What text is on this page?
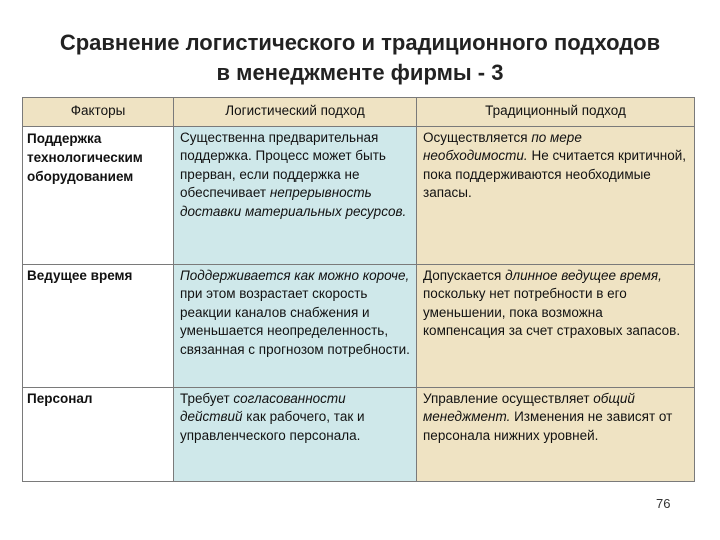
Сравнение логистического и традиционного подходов
в менеджменте фирмы - 3
Факторы	Логистический подход	Традиционный подход
Поддержка технологическим оборудованием	Существенна предварительная поддержка. Процесс может быть прерван, если поддержка не обеспечивает непрерывность доставки материальных ресурсов.	Осуществляется по мере необходимости. Не считается критичной, пока поддерживаются необходимые запасы.
Ведущее время	Поддерживается как можно короче, при этом возрастает скорость реакции каналов снабжения и уменьшается неопределенность, связанная с прогнозом потребности.	Допускается длинное ведущее время, поскольку нет потребности в его уменьшении, пока возможна компенсация за счет страховых запасов.
Персонал	Требует согласованности действий как рабочего, так и управленческого персонала.	Управление осуществляет общий менеджмент. Изменения не зависят от персонала нижних уровней.
76
